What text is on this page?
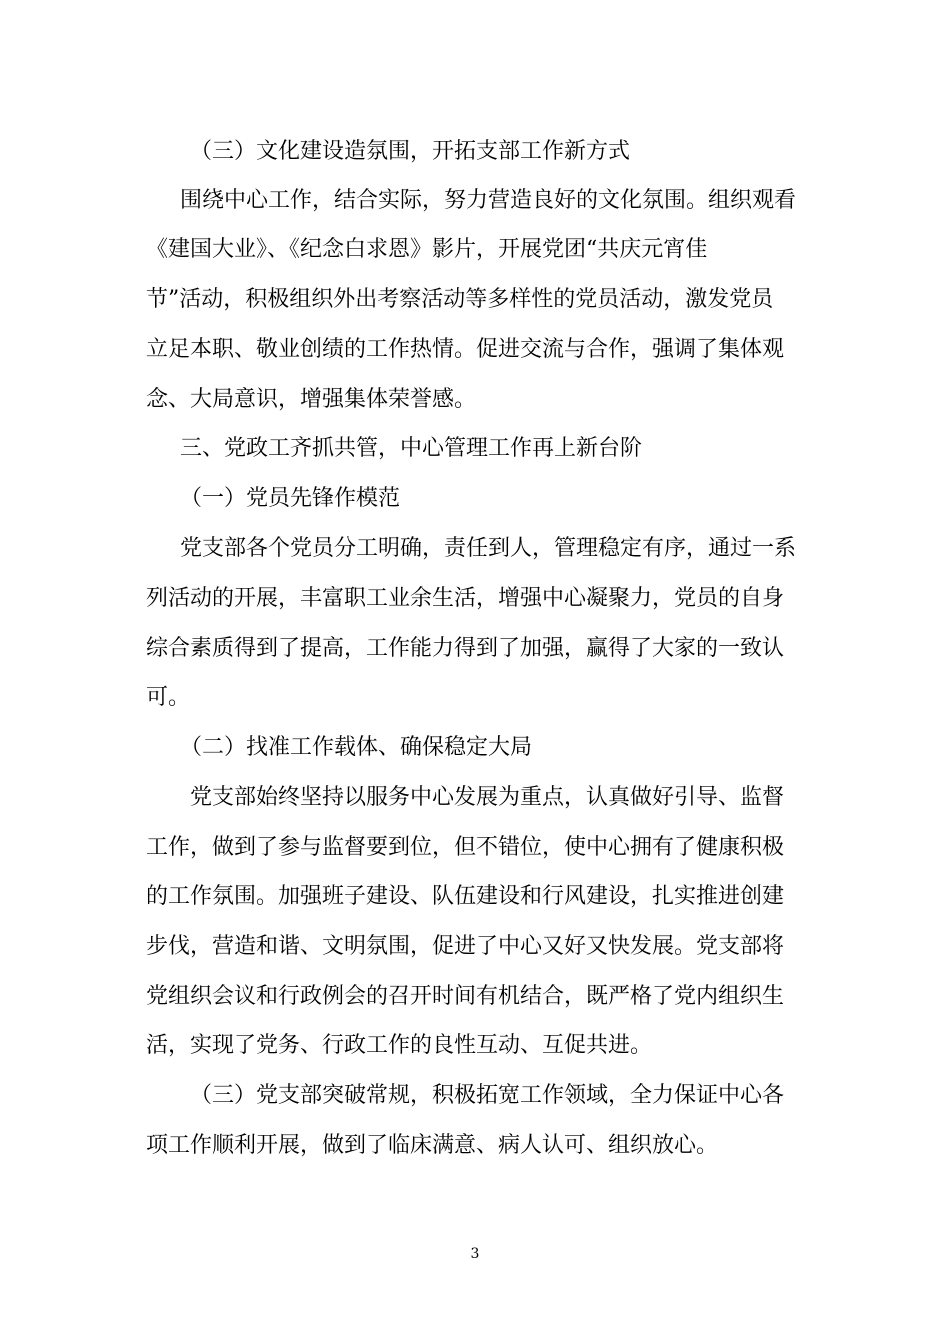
（三）文化建设造氛围，开拓支部工作新方式
围绕中心工作，结合实际，努力营造良好的文化氛围。组织观看
《建国大业》、《纪念白求恩》影片，开展党团“共庆元宵佳
节”活动，积极组织外出考察活动等多样性的党员活动，激发党员
立足本职、敬业创绩的工作热情。促进交流与合作，强调了集体观
念、大局意识，增强集体荣誉感。
三、党政工齐抓共管，中心管理工作再上新台阶
（一）党员先锋作模范
党支部各个党员分工明确，责任到人，管理稳定有序，通过一系
列活动的开展，丰富职工业余生活，增强中心凝聚力，党员的自身
综合素质得到了提高，工作能力得到了加强，赢得了大家的一致认
可。
（二）找准工作载体、确保稳定大局
党支部始终坚持以服务中心发展为重点，认真做好引导、监督
工作，做到了参与监督要到位，但不错位，使中心拥有了健康积极
的工作氛围。加强班子建设、队伍建设和行风建设，扎实推进创建
步伐，营造和谐、文明氛围，促进了中心又好又快发展。党支部将
党组织会议和行政例会的召开时间有机结合，既严格了党内组织生
活，实现了党务、行政工作的良性互动、互促共进。
（三）党支部突破常规，积极拓宽工作领域，全力保证中心各
项工作顺利开展，做到了临床满意、病人认可、组织放心。
3
